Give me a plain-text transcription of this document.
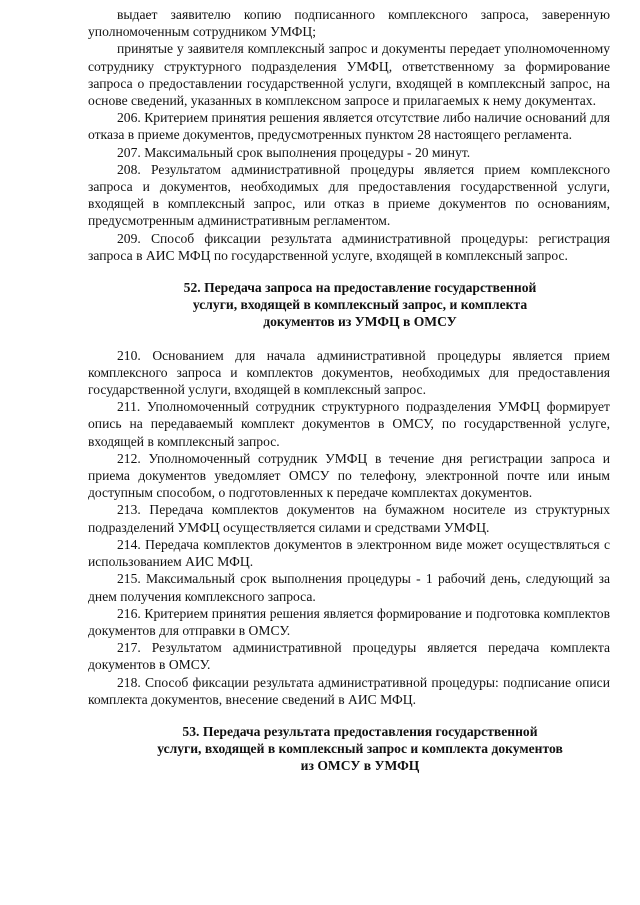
выдает заявителю копию подписанного комплексного запроса, заверенную уполномоченным сотрудником УМФЦ;

принятые у заявителя комплексный запрос и документы передает уполномоченному сотруднику структурного подразделения УМФЦ, ответственному за формирование запроса о предоставлении государственной услуги, входящей в комплексный запрос, на основе сведений, указанных в комплексном запросе и прилагаемых к нему документах.

206. Критерием принятия решения является отсутствие либо наличие оснований для отказа в приеме документов, предусмотренных пунктом 28 настоящего регламента.

207. Максимальный срок выполнения процедуры - 20 минут.

208. Результатом административной процедуры является прием комплексного запроса и документов, необходимых для предоставления государственной услуги, входящей в комплексный запрос, или отказ в приеме документов по основаниям, предусмотренным административным регламентом.

209. Способ фиксации результата административной процедуры: регистрация запроса в АИС МФЦ по государственной услуге, входящей в комплексный запрос.

52. Передача запроса на предоставление государственной
услуги, входящей в комплексный запрос, и комплекта
документов из УМФЦ в ОМСУ

210. Основанием для начала административной процедуры является прием комплексного запроса и комплектов документов, необходимых для предоставления государственной услуги, входящей в комплексный запрос.

211. Уполномоченный сотрудник структурного подразделения УМФЦ формирует опись на передаваемый комплект документов в ОМСУ, по государственной услуге, входящей в комплексный запрос.

212. Уполномоченный сотрудник УМФЦ в течение дня регистрации запроса и приема документов уведомляет ОМСУ по телефону, электронной почте или иным доступным способом, о подготовленных к передаче комплектах документов.

213. Передача комплектов документов на бумажном носителе из структурных подразделений УМФЦ осуществляется силами и средствами УМФЦ.

214. Передача комплектов документов в электронном виде может осуществляться с использованием АИС МФЦ.

215. Максимальный срок выполнения процедуры - 1 рабочий день, следующий за днем получения комплексного запроса.

216. Критерием принятия решения является формирование и подготовка комплектов документов для отправки в ОМСУ.

217. Результатом административной процедуры является передача комплекта документов в ОМСУ.

218. Способ фиксации результата административной процедуры: подписание описи комплекта документов, внесение сведений в АИС МФЦ.

53. Передача результата предоставления государственной
услуги, входящей в комплексный запрос и комплекта документов
из ОМСУ в УМФЦ
